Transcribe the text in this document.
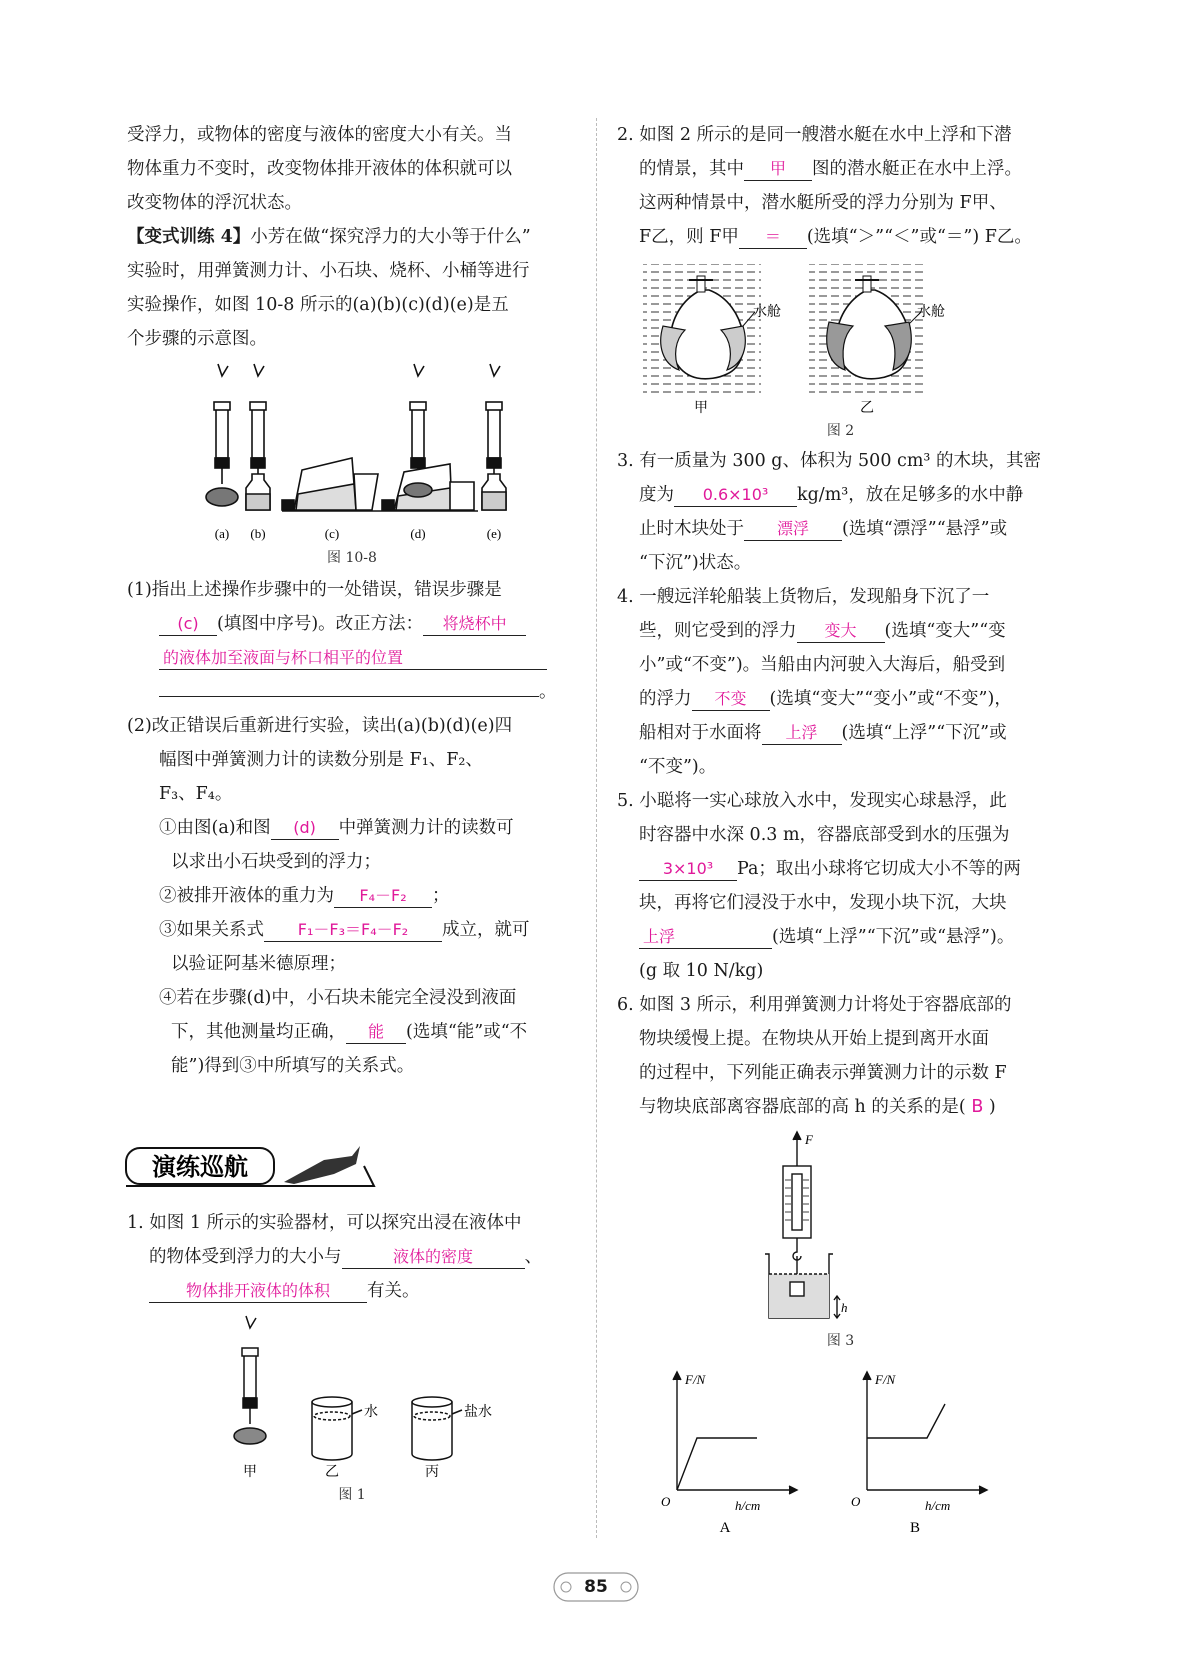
受浮力，或物体的密度与液体的密度大小有关。当

物体重力不变时，改变物体排开液体的体积就可以

改变物体的浮沉状态。

【变式训练 4】小芳在做“探究浮力的大小等于什么”

实验时，用弹簧测力计、小石块、烧杯、小桶等进行

实验操作，如图 10-8 所示的(a)(b)(c)(d)(e)是五

个步骤的示意图。

(a) (b)	(c)	(d)	(e)
图 10-8

(1)指出上述操作步骤中的一处错误，错误步骤是

(c) (填图中序号)。改正方法： 将烧杯中

的液体加至液面与杯口相平的位置

。

(2)改正错误后重新进行实验，读出(a)(b)(d)(e)四

幅图中弹簧测力计的读数分别是 F₁、F₂、

F₃、F₄。

①由图(a)和图 (d) 中弹簧测力计的读数可

以求出小石块受到的浮力；

②被排开液体的重力为 F₄－F₂ ；

③如果关系式 F₁－F₃＝F₄－F₂ 成立，就可

以验证阿基米德原理；

④若在步骤(d)中，小石块未能完全浸没到液面

下，其他测量均正确， 能 (选填“能”或“不

能”)得到③中所填写的关系式。

演练巡航

1. 如图 1 所示的实验器材，可以探究出浸在液体中

的物体受到浮力的大小与	液体的密度	、

物体排开液体的体积 有关。

水	盐水
甲	乙	丙
图 1

2. 如图 2 所示的是同一艘潜水艇在水中上浮和下潜

的情景，其中 甲 图的潜水艇正在水中上浮。

这两种情景中，潜水艇所受的浮力分别为 F甲、

F乙，则 F甲 ＝ (选填“＞”“＜”或“＝”) F乙。

水舱	水舱
甲	乙
图 2

3. 有一质量为 300 g、体积为 500 cm³ 的木块，其密

度为 0.6×10³ kg/m³，放在足够多的水中静

止时木块处于 漂浮 (选填“漂浮”“悬浮”或

“下沉”)状态。

4. 一艘远洋轮船装上货物后，发现船身下沉了一

些，则它受到的浮力 变大 (选填“变大”“变

小”或“不变”)。当船由内河驶入大海后，船受到

的浮力 不变 (选填“变大”“变小”或“不变”)，

船相对于水面将 上浮 (选填“上浮”“下沉”或

“不变”)。

5. 小聪将一实心球放入水中，发现实心球悬浮，此

时容器中水深 0.3 m，容器底部受到水的压强为

3×10³ Pa；取出小球将它切成大小不等的两

块，再将它们浸没于水中，发现小块下沉，大块

上浮	(选填“上浮”“下沉”或“悬浮”)。

(g 取 10 N/kg)

6. 如图 3 所示，利用弹簧测力计将处于容器底部的

物块缓慢上提。在物块从开始上提到离开水面

的过程中，下列能正确表示弹簧测力计的示数 F

与物块底部离容器底部的高 h 的关系的是( B )

F
h
图 3
F/N
h/cm
O
A
F/N
h/cm
O
B
85
